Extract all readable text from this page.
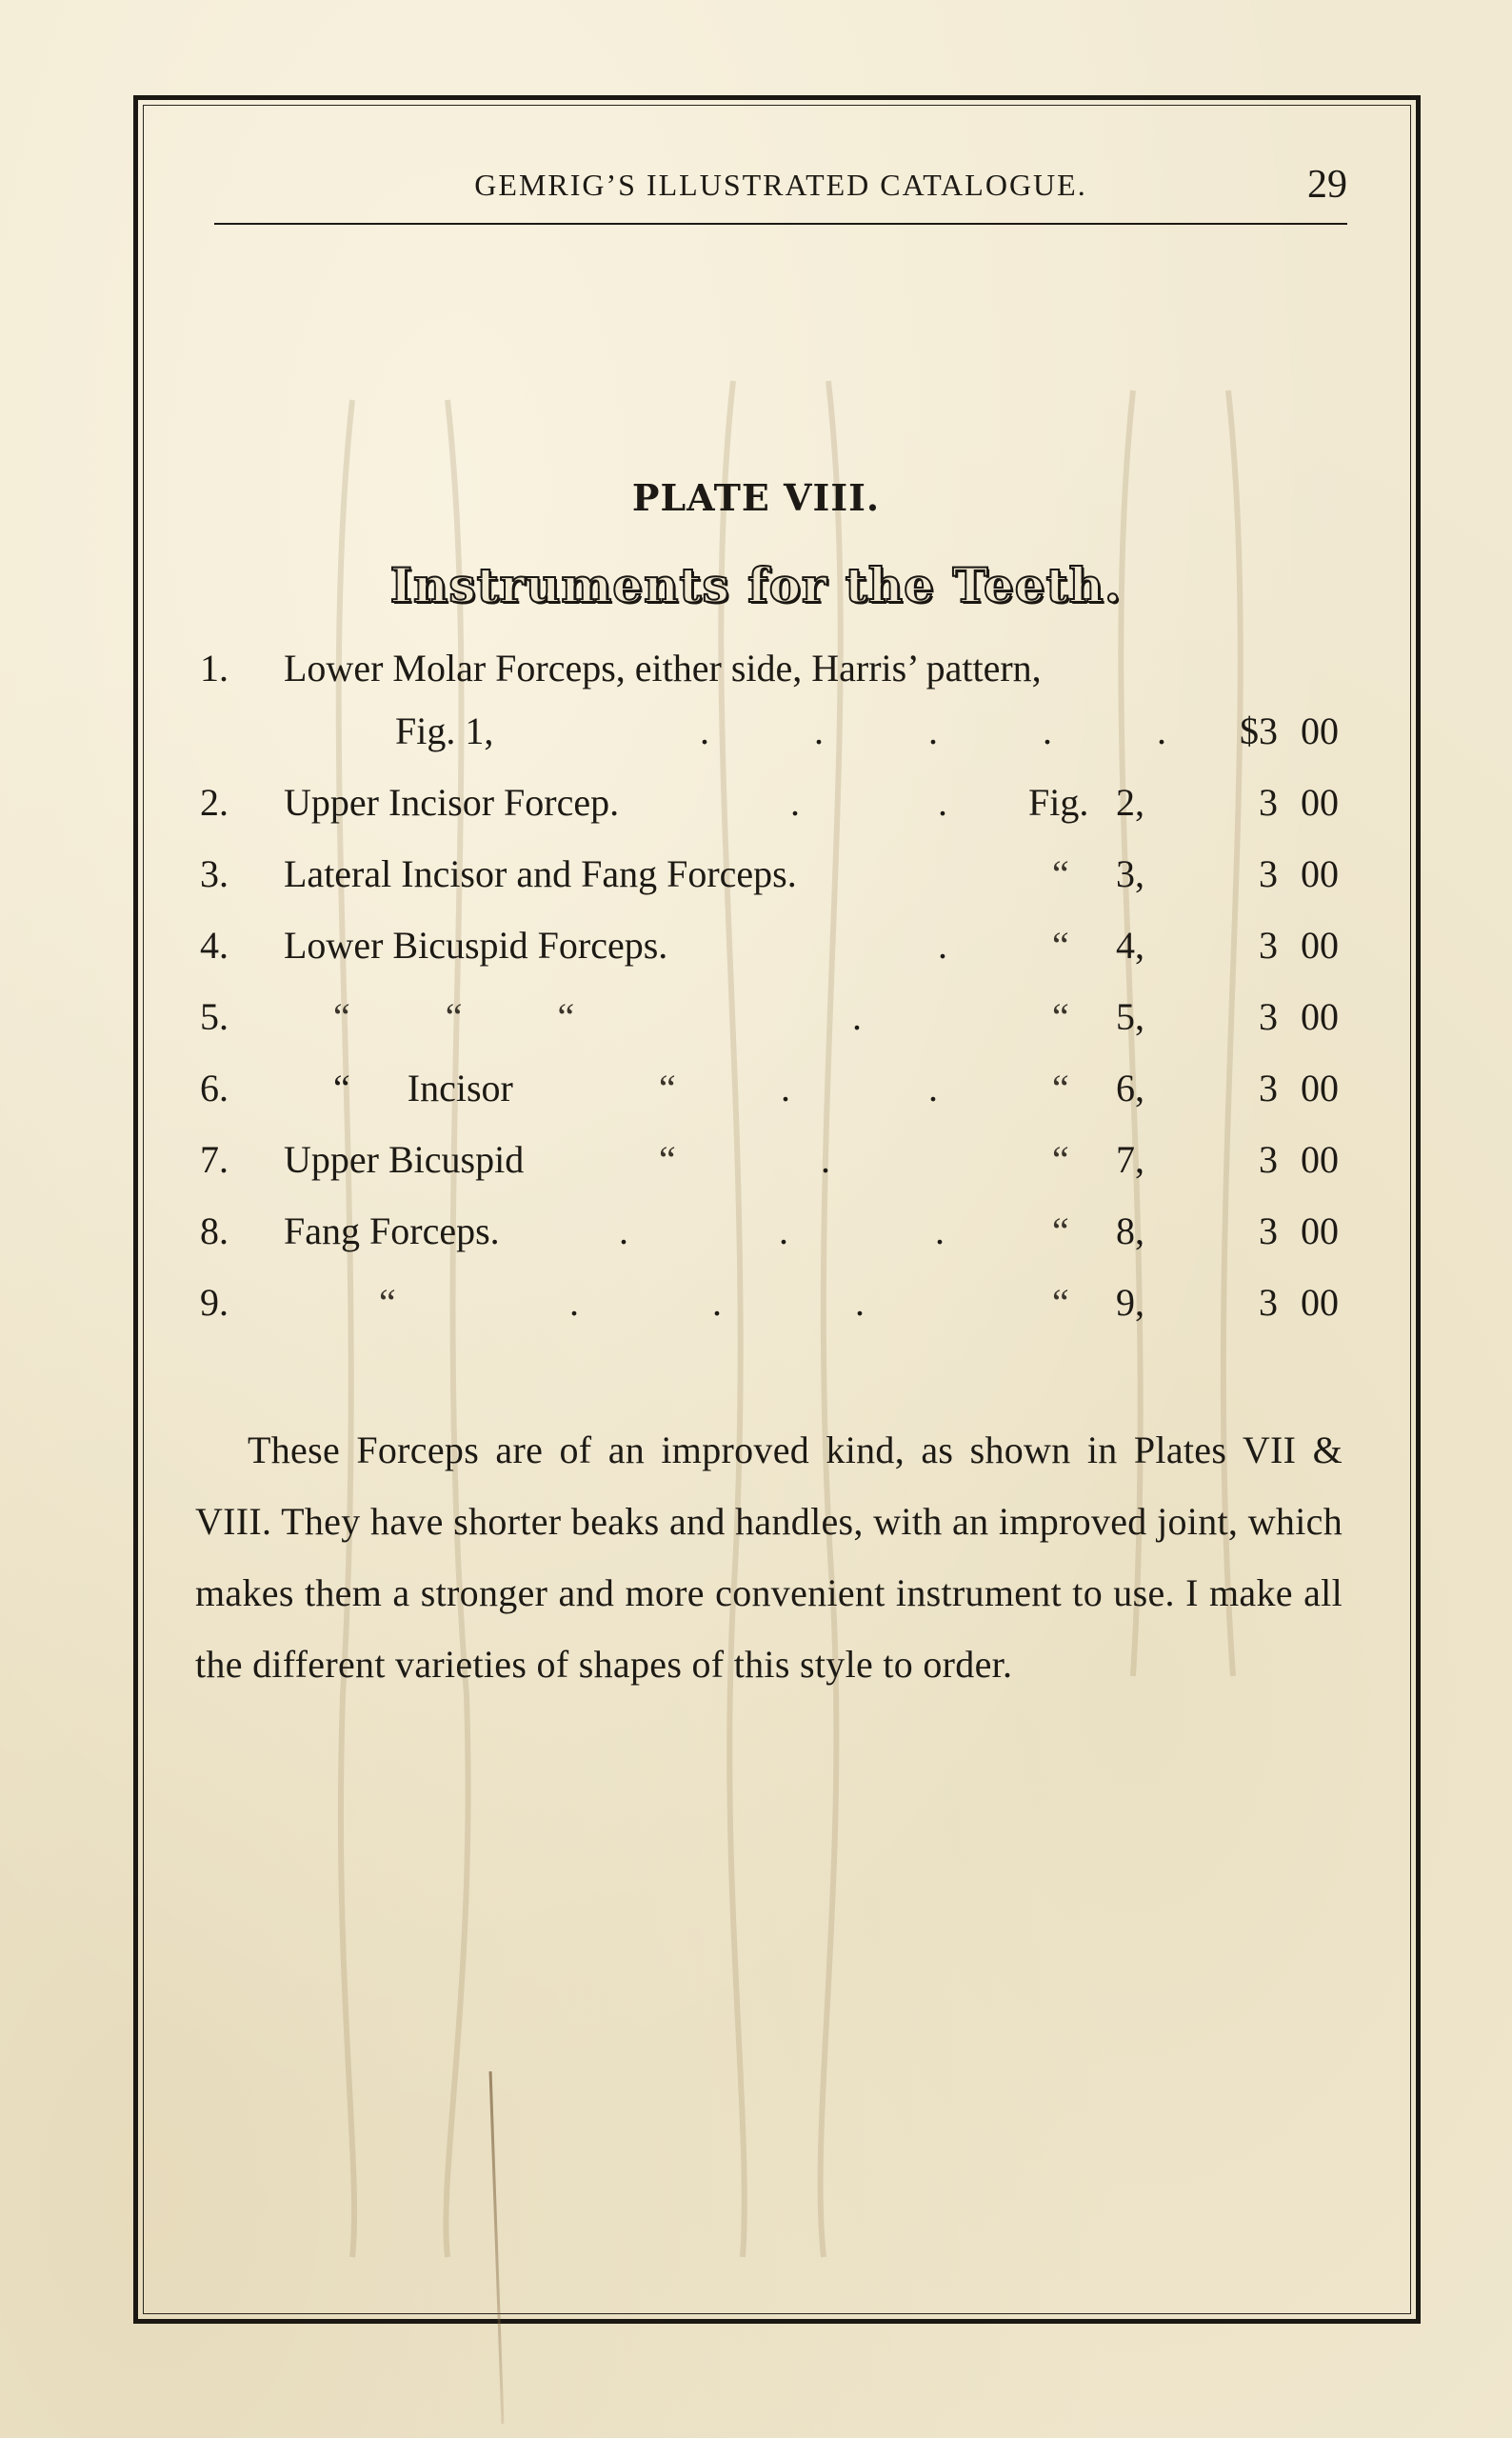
GEMRIG’S ILLUSTRATED CATALOGUE.	29
PLATE VIII.
Instruments for the Teeth.
1. Lower Molar Forceps, either side, Harris’ pattern,
Fig. 1,	.	.	.	.	.	$3 00
2. Upper Incisor Forcep.	.	. Fig. 2,	3 00
3. Lateral Incisor and Fang Forceps.	“ 3,	3 00
4. Lower Bicuspid Forceps.	.	“ 4,	3 00
5.	“          “          “	.	“ 5,	3 00
6.	“      Incisor	“	.	.	“ 6,	3 00
7. Upper Bicuspid	“	.	“ 7,	3 00
8. Fang Forceps.	.	.	.	“ 8,	3 00
9.	“	.	.	.	“ 9,	3 00

These Forceps are of an improved kind, as shown in Plates VII & VIII. They have shorter beaks and handles, with an improved joint, which makes them a stronger and more convenient instrument to use. I make all the different varieties of shapes of this style to order.
